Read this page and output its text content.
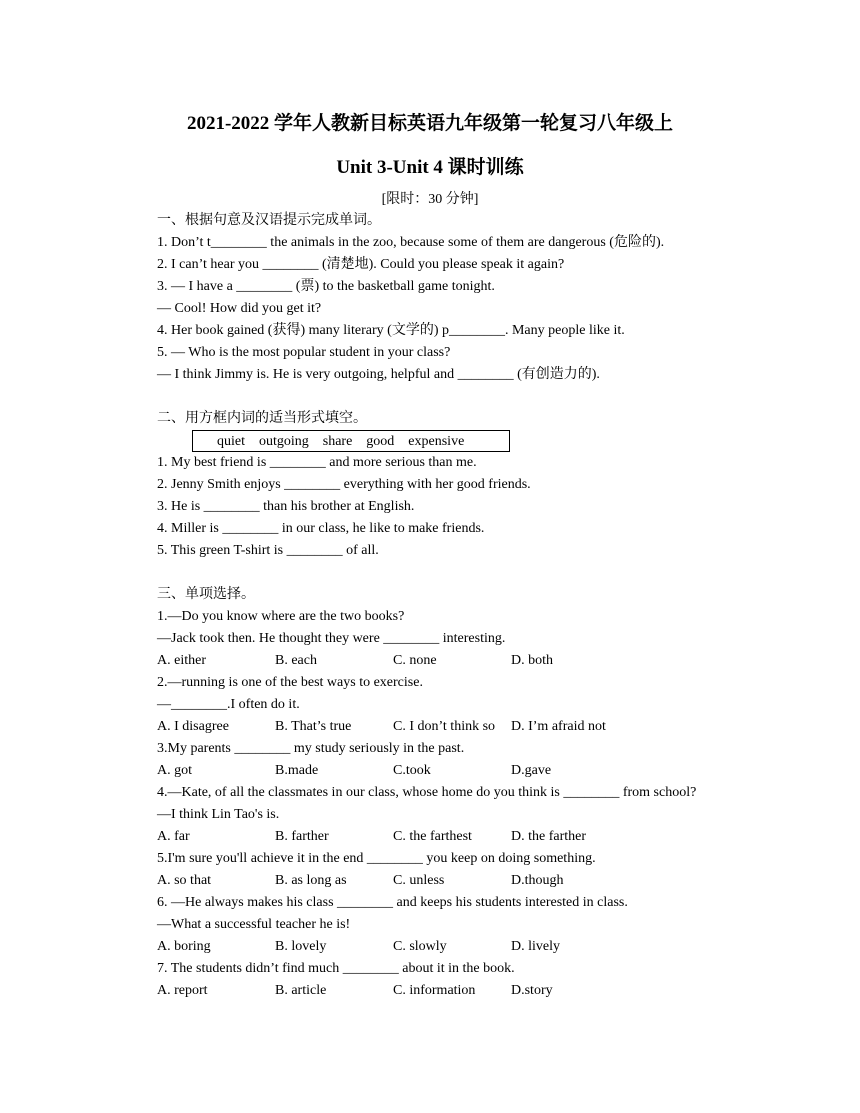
2021-2022 学年人教新目标英语九年级第一轮复习八年级上
Unit 3-Unit 4 课时训练
[限时：30 分钟]
一、根据句意及汉语提示完成单词。
1. Don’t t________ the animals in the zoo, because some of them are dangerous (危险的).
2. I can’t hear you ________ (清楚地). Could you please speak it again?
3. — I have a ________ (票) to the basketball game tonight.
— Cool! How did you get it?
4. Her book gained (获得) many literary (文学的) p________. Many people like it.
5. — Who is the most popular student in your class?
— I think Jimmy is. He is very outgoing, helpful and ________ (有创造力的).
二、用方框内词的适当形式填空。
quiet    outgoing    share    good    expensive
1. My best friend is ________ and more serious than me.
2. Jenny Smith enjoys ________ everything with her good friends.
3. He is ________ than his brother at English.
4. Miller is ________ in our class, he like to make friends.
5. This green T-shirt is ________ of all.
三、单项选择。
1.—Do you know where are the two books?
—Jack took then. He thought they were ________ interesting.
A. either	B. each	C. none	D. both
2.—running is one of the best ways to exercise.
—________.I often do it.
A. I disagree	B. That’s true	C. I don’t think so	D. I’m afraid not
3.My parents ________ my study seriously in the past.
A. got	B.made	C.took	D.gave
4.—Kate, of all the classmates in our class, whose home do you think is ________ from school?
—I think Lin Tao's is.
A. far	B. farther	C. the farthest	D. the farther
5.I'm sure you'll achieve it in the end ________ you keep on doing something.
A. so that	B. as long as	C. unless	D.though
6. —He always makes his class ________ and keeps his students interested in class.
—What a successful teacher he is!
A. boring	B. lovely	C. slowly	D. lively
7. The students didn’t find much ________ about it in the book.
A. report	B. article	C. information	D.story
